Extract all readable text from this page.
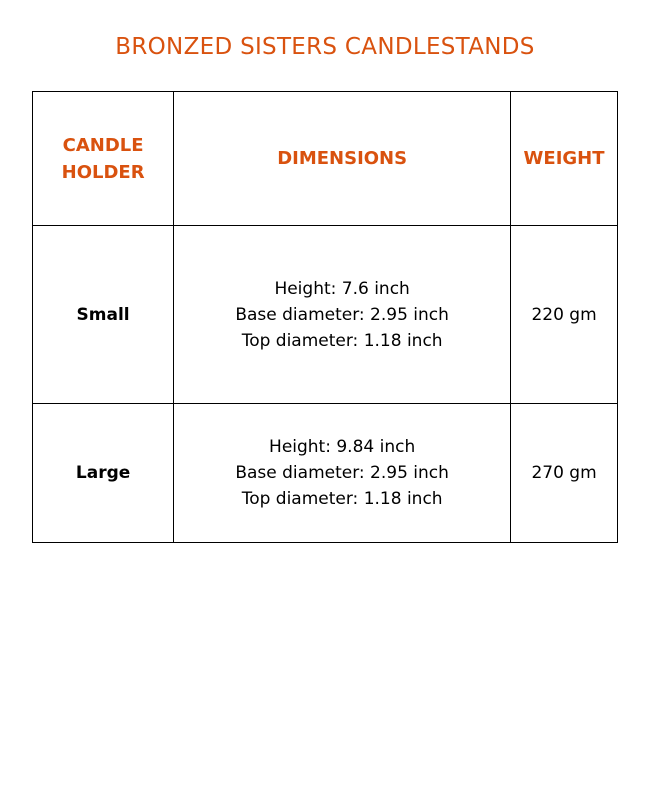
BRONZED SISTERS CANDLESTANDS
CANDLE
HOLDER	DIMENSIONS	WEIGHT
Small	Height: 7.6 inch
Base diameter: 2.95 inch
Top diameter: 1.18 inch	220 gm
Large	Height: 9.84 inch
Base diameter: 2.95 inch
Top diameter: 1.18 inch	270 gm
